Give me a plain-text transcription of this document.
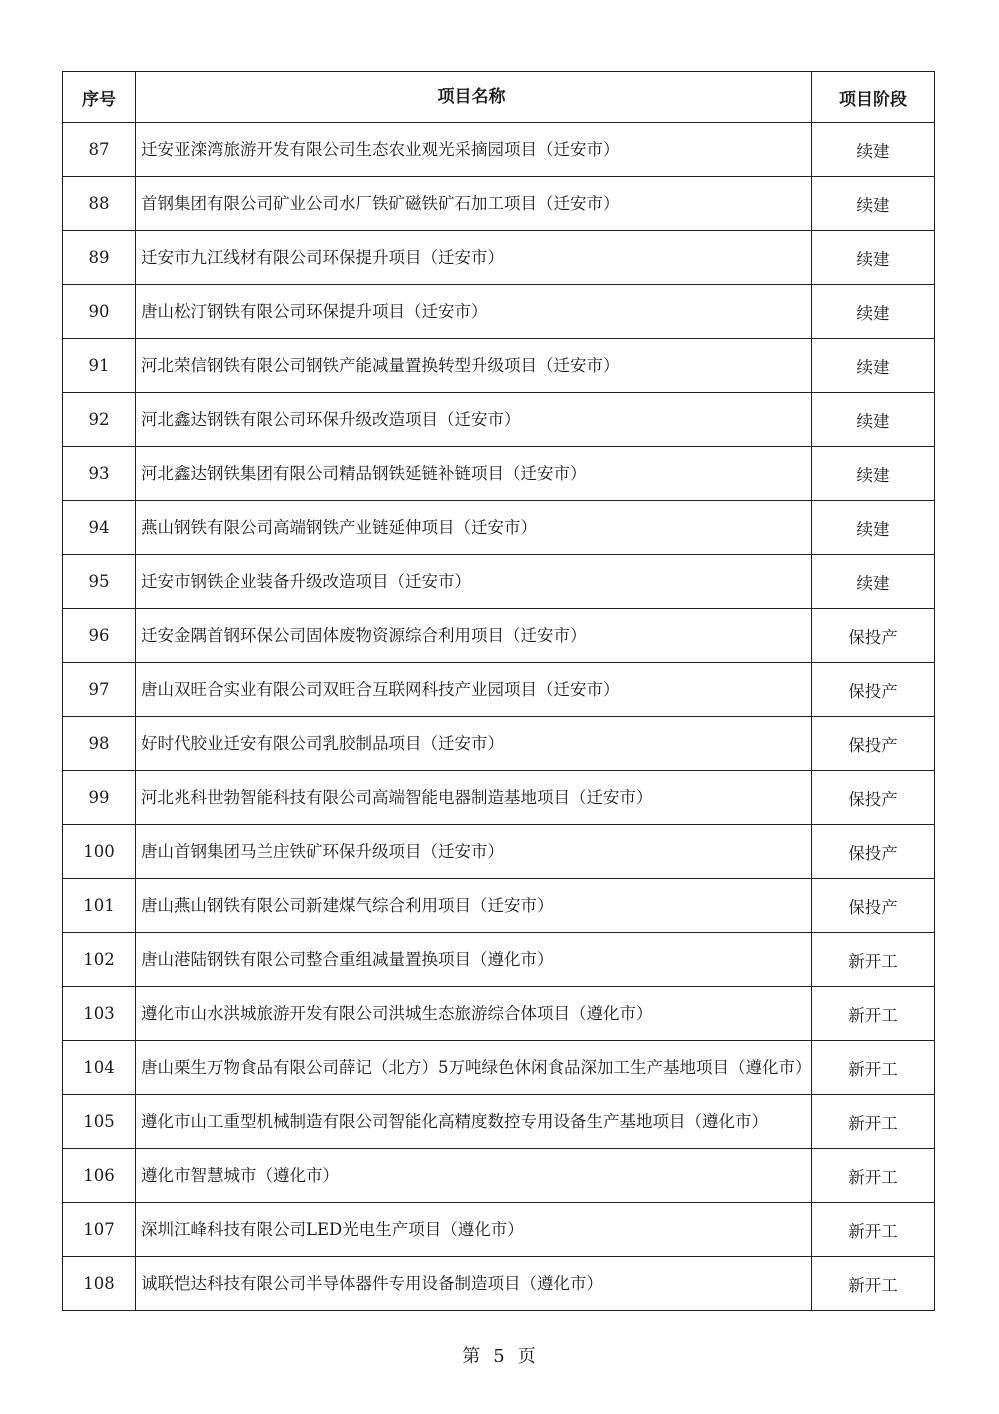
序号	项目名称	项目阶段
87	迁安亚滦湾旅游开发有限公司生态农业观光采摘园项目（迁安市）	续建
88	首钢集团有限公司矿业公司水厂铁矿磁铁矿石加工项目（迁安市）	续建
89	迁安市九江线材有限公司环保提升项目（迁安市）	续建
90	唐山松汀钢铁有限公司环保提升项目（迁安市）	续建
91	河北荣信钢铁有限公司钢铁产能减量置换转型升级项目（迁安市）	续建
92	河北鑫达钢铁有限公司环保升级改造项目（迁安市）	续建
93	河北鑫达钢铁集团有限公司精品钢铁延链补链项目（迁安市）	续建
94	燕山钢铁有限公司高端钢铁产业链延伸项目（迁安市）	续建
95	迁安市钢铁企业装备升级改造项目（迁安市）	续建
96	迁安金隅首钢环保公司固体废物资源综合利用项目（迁安市）	保投产
97	唐山双旺合实业有限公司双旺合互联网科技产业园项目（迁安市）	保投产
98	好时代胶业迁安有限公司乳胶制品项目（迁安市）	保投产
99	河北兆科世勃智能科技有限公司高端智能电器制造基地项目（迁安市）	保投产
100	唐山首钢集团马兰庄铁矿环保升级项目（迁安市）	保投产
101	唐山燕山钢铁有限公司新建煤气综合利用项目（迁安市）	保投产
102	唐山港陆钢铁有限公司整合重组减量置换项目（遵化市）	新开工
103	遵化市山水洪城旅游开发有限公司洪城生态旅游综合体项目（遵化市）	新开工
104	唐山栗生万物食品有限公司薛记（北方）5万吨绿色休闲食品深加工生产基地项目（遵化市）	新开工
105	遵化市山工重型机械制造有限公司智能化高精度数控专用设备生产基地项目（遵化市）	新开工
106	遵化市智慧城市（遵化市）	新开工
107	深圳江峰科技有限公司LED光电生产项目（遵化市）	新开工
108	诚联恺达科技有限公司半导体器件专用设备制造项目（遵化市）	新开工
第 5 页
